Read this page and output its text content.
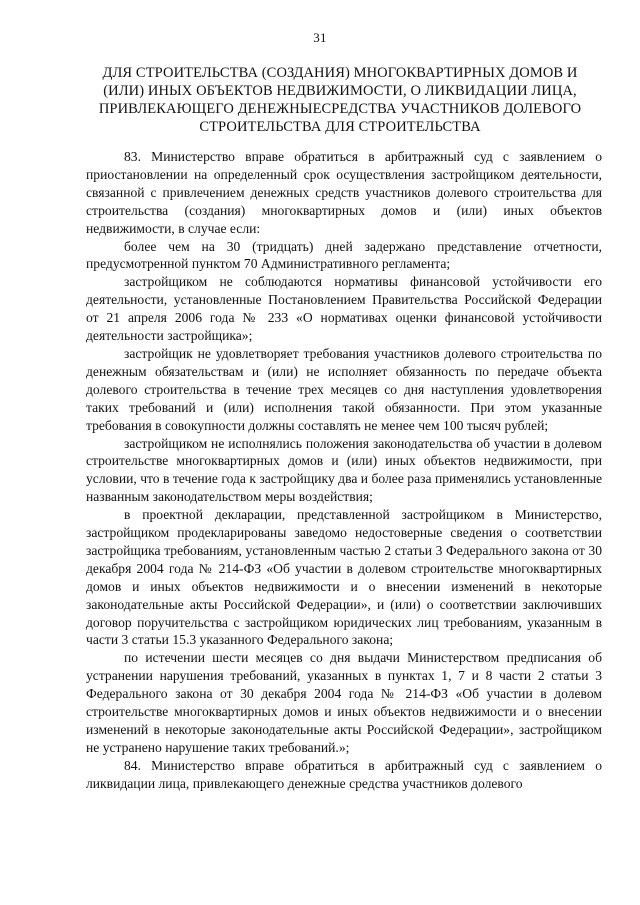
31
ДЛЯ СТРОИТЕЛЬСТВА (СОЗДАНИЯ) МНОГОКВАРТИРНЫХ ДОМОВ И
(ИЛИ) ИНЫХ ОБЪЕКТОВ НЕДВИЖИМОСТИ, О ЛИКВИДАЦИИ ЛИЦА,
ПРИВЛЕКАЮЩЕГО ДЕНЕЖНЫЕСРЕДСТВА УЧАСТНИКОВ ДОЛЕВОГО
СТРОИТЕЛЬСТВА ДЛЯ СТРОИТЕЛЬСТВА

83. Министерство вправе обратиться в арбитражный суд с заявлением о приостановлении на определенный срок осуществления застройщиком деятельности, связанной с привлечением денежных средств участников долевого строительства для строительства (создания) многоквартирных домов и (или) иных объектов недвижимости, в случае если:

более чем на 30 (тридцать) дней задержано представление отчетности, предусмотренной пунктом 70 Административного регламента;

застройщиком не соблюдаются нормативы финансовой устойчивости его деятельности, установленные Постановлением Правительства Российской Федерации от 21 апреля 2006 года № 233 «О нормативах оценки финансовой устойчивости деятельности застройщика»;

застройщик не удовлетворяет требования участников долевого строительства по денежным обязательствам и (или) не исполняет обязанность по передаче объекта долевого строительства в течение трех месяцев со дня наступления удовлетворения таких требований и (или) исполнения такой обязанности. При этом указанные требования в совокупности должны составлять не менее чем 100 тысяч рублей;

застройщиком не исполнялись положения законодательства об участии в долевом строительстве многоквартирных домов и (или) иных объектов недвижимости, при условии, что в течение года к застройщику два и более раза применялись установленные названным законодательством меры воздействия;

в проектной декларации, представленной застройщиком в Министерство, застройщиком продекларированы заведомо недостоверные сведения о соответствии застройщика требованиям, установленным частью 2 статьи 3 Федерального закона от 30 декабря 2004 года № 214-ФЗ «Об участии в долевом строительстве многоквартирных домов и иных объектов недвижимости и о внесении изменений в некоторые законодательные акты Российской Федерации», и (или) о соответствии заключивших договор поручительства с застройщиком юридических лиц требованиям, указанным в части 3 статьи 15.3 указанного Федерального закона;

по истечении шести месяцев со дня выдачи Министерством предписания об устранении нарушения требований, указанных в пунктах 1, 7 и 8 части 2 статьи 3 Федерального закона от 30 декабря 2004 года № 214-ФЗ «Об участии в долевом строительстве многоквартирных домов и иных объектов недвижимости и о внесении изменений в некоторые законодательные акты Российской Федерации», застройщиком не устранено нарушение таких требований.»;

84. Министерство вправе обратиться в арбитражный суд с заявлением о ликвидации лица, привлекающего денежные средства участников долевого
